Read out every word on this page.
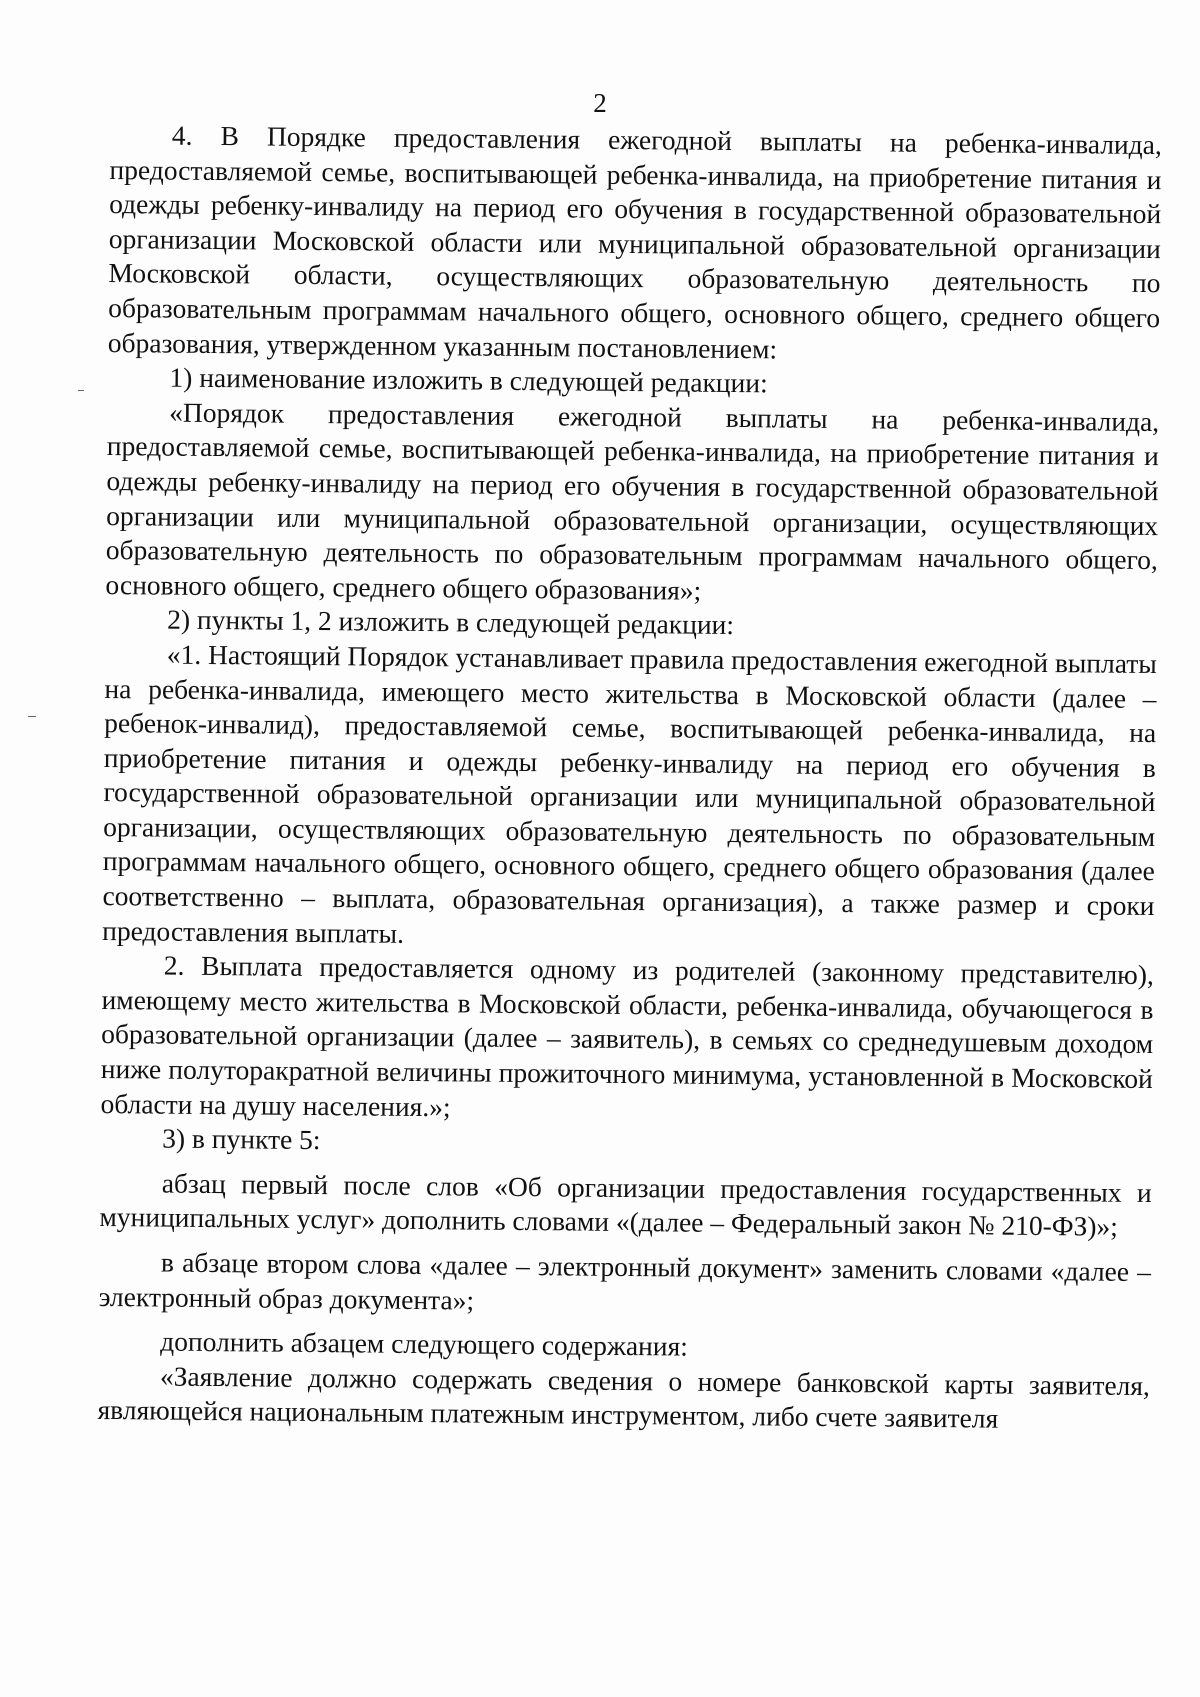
2

4. В Порядке предоставления ежегодной выплаты на ребенка-инвалида, предоставляемой семье, воспитывающей ребенка-инвалида, на приобретение питания и одежды ребенку-инвалиду на период его обучения в государственной образовательной организации Московской области или муниципальной образовательной организации Московской области, осуществляющих образовательную деятельность по образовательным программам начального общего, основного общего, среднего общего образования, утвержденном указанным постановлением:

1) наименование изложить в следующей редакции:

«Порядок предоставления ежегодной выплаты на ребенка-инвалида, предоставляемой семье, воспитывающей ребенка-инвалида, на приобретение питания и одежды ребенку-инвалиду на период его обучения в государственной образовательной организации или муниципальной образовательной организации, осуществляющих образовательную деятельность по образовательным программам начального общего, основного общего, среднего общего образования»;

2) пункты 1, 2 изложить в следующей редакции:

«1. Настоящий Порядок устанавливает правила предоставления ежегодной выплаты на ребенка-инвалида, имеющего место жительства в Московской области (далее – ребенок-инвалид), предоставляемой семье, воспитывающей ребенка-инвалида, на приобретение питания и одежды ребенку-инвалиду на период его обучения в государственной образовательной организации или муниципальной образовательной организации, осуществляющих образовательную деятельность по образовательным программам начального общего, основного общего, среднего общего образования (далее соответственно – выплата, образовательная организация), а также размер и сроки предоставления выплаты.

2. Выплата предоставляется одному из родителей (законному представителю), имеющему место жительства в Московской области, ребенка-инвалида, обучающегося в образовательной организации (далее – заявитель), в семьях со среднедушевым доходом ниже полуторакратной величины прожиточного минимума, установленной в Московской области на душу населения.»;

3) в пункте 5:

абзац первый после слов «Об организации предоставления государственных и муниципальных услуг» дополнить словами «(далее – Федеральный закон № 210-ФЗ)»;

в абзаце втором слова «далее – электронный документ» заменить словами «далее – электронный образ документа»;

дополнить абзацем следующего содержания:

«Заявление должно содержать сведения о номере банковской карты заявителя, являющейся национальным платежным инструментом, либо счете заявителя
